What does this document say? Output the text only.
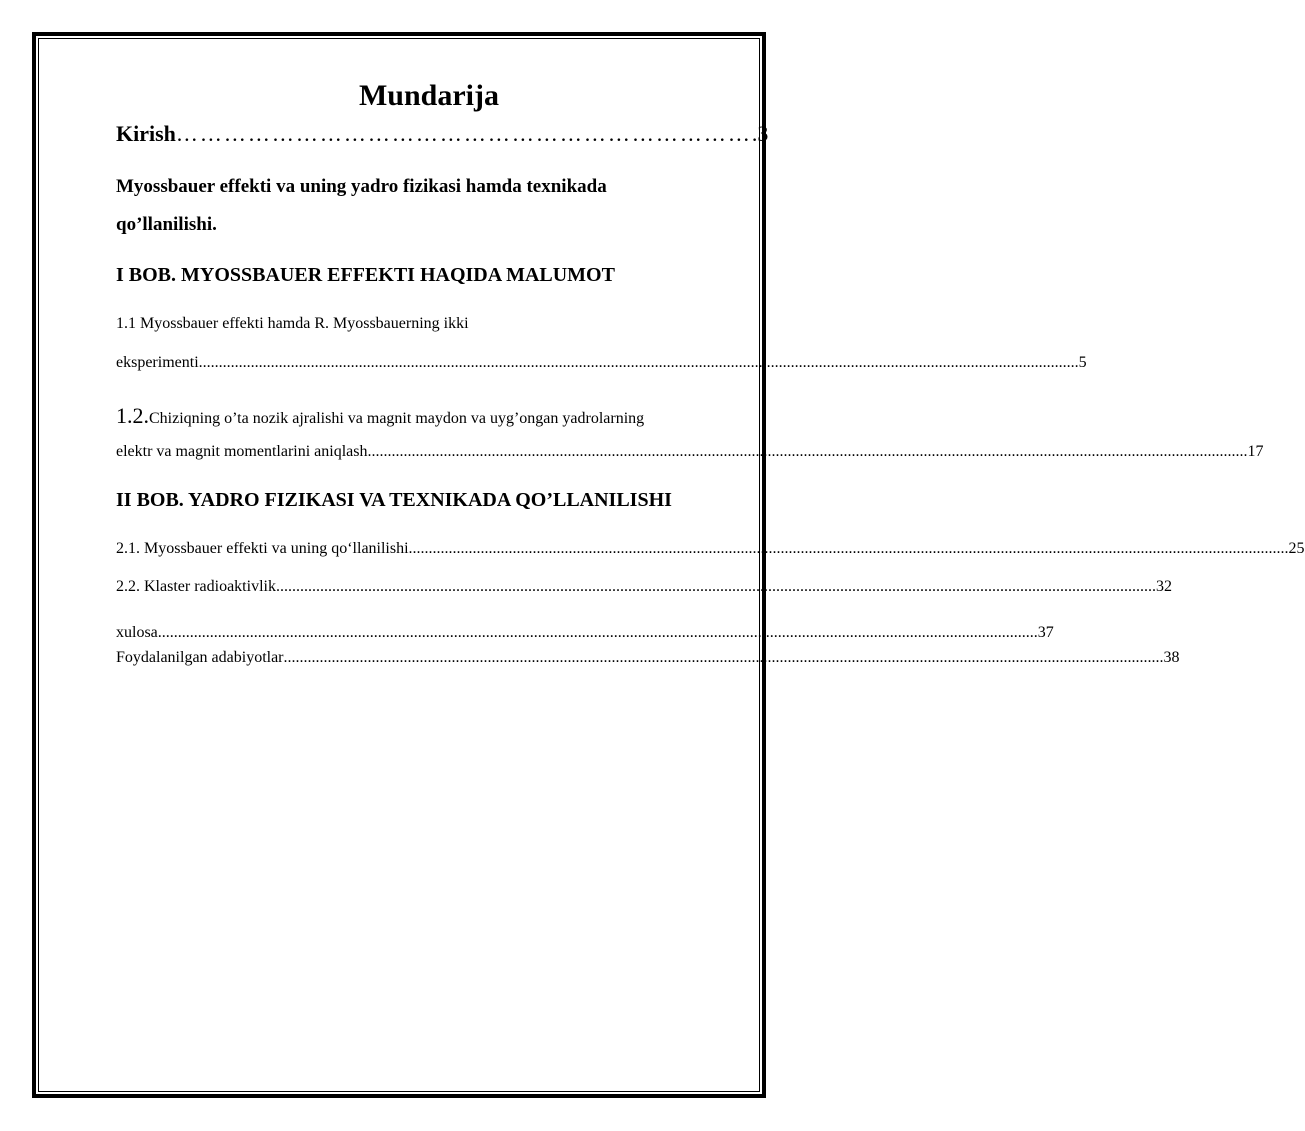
Mundarija
Kirish ……………………………………………………………… .3
Myossbauer effekti va uning yadro fizikasi hamda texnikada
qo’llanilishi.
I BOB. MYOSSBAUER EFFEKTI HAQIDA MALUMOT
1.1 Myossbauer effekti hamda R. Myossbauerning ikki
eksperimenti ............................................................................................................................................................................................................................ 5
1.2.Chiziqning o’ta nozik ajralishi va magnit maydon va uyg’ongan yadrolarning
elektr va magnit momentlarini aniqlash ............................................................................................................................................................................................................................ 17
II BOB. YADRO FIZIKASI VA TEXNIKADA QO’LLANILISHI
2.1. Myossbauer effekti va uning qo‘llanilishi ............................................................................................................................................................................................................................ 25
2.2. Klaster radioaktivlik ............................................................................................................................................................................................................................ 32
xulosa ............................................................................................................................................................................................................................ 37
Foydalanilgan adabiyotlar ............................................................................................................................................................................................................................ 38
